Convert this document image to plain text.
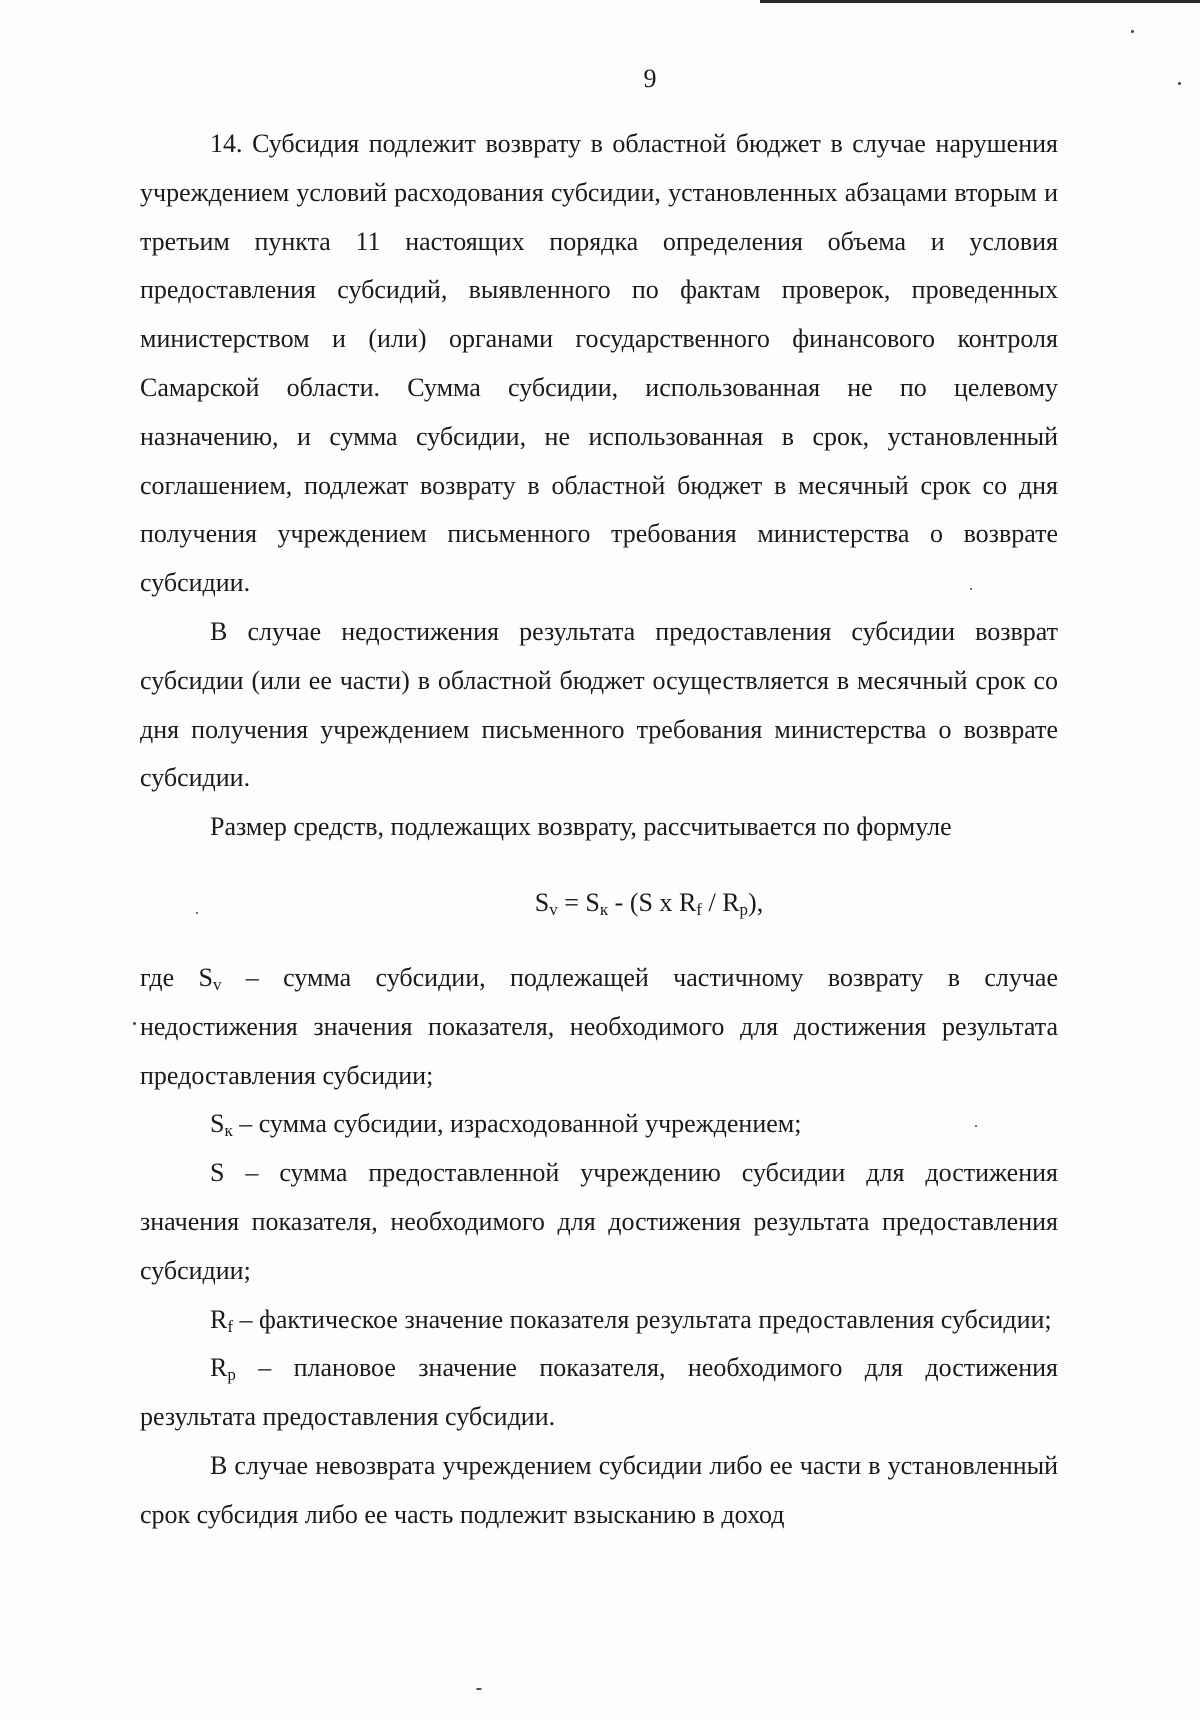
9

14. Субсидия подлежит возврату в областной бюджет в случае нарушения учреждением условий расходования субсидии, установленных абзацами вторым и третьим пункта 11 настоящих порядка определения объема и условия предоставления субсидий, выявленного по фактам проверок, проведенных министерством и (или) органами государственного финансового контроля Самарской области. Сумма субсидии, использованная не по целевому назначению, и сумма субсидии, не использованная в срок, установленный соглашением, подлежат возврату в областной бюджет в месячный срок со дня получения учреждением письменного требования министерства о возврате субсидии.

В случае недостижения результата предоставления субсидии возврат субсидии (или ее части) в областной бюджет осуществляется в месячный срок со дня получения учреждением письменного требования министерства о возврате субсидии.

Размер средств, подлежащих возврату, рассчитывается по формуле

$S_v = S_к - (S$ x $R_f / R_p$),

где $S_v$ – сумма субсидии, подлежащей частичному возврату в случае недостижения значения показателя, необходимого для достижения результата предоставления субсидии;

$S_к$ – сумма субсидии, израсходованной учреждением;

S – сумма предоставленной учреждению субсидии для достижения значения показателя, необходимого для достижения результата предоставления субсидии;

$R_f$ – фактическое значение показателя результата предоставления субсидии;

$R_p$ – плановое значение показателя, необходимого для достижения результата предоставления субсидии.

В случае невозврата учреждением субсидии либо ее части в установленный срок субсидия либо ее часть подлежит взысканию в доход
